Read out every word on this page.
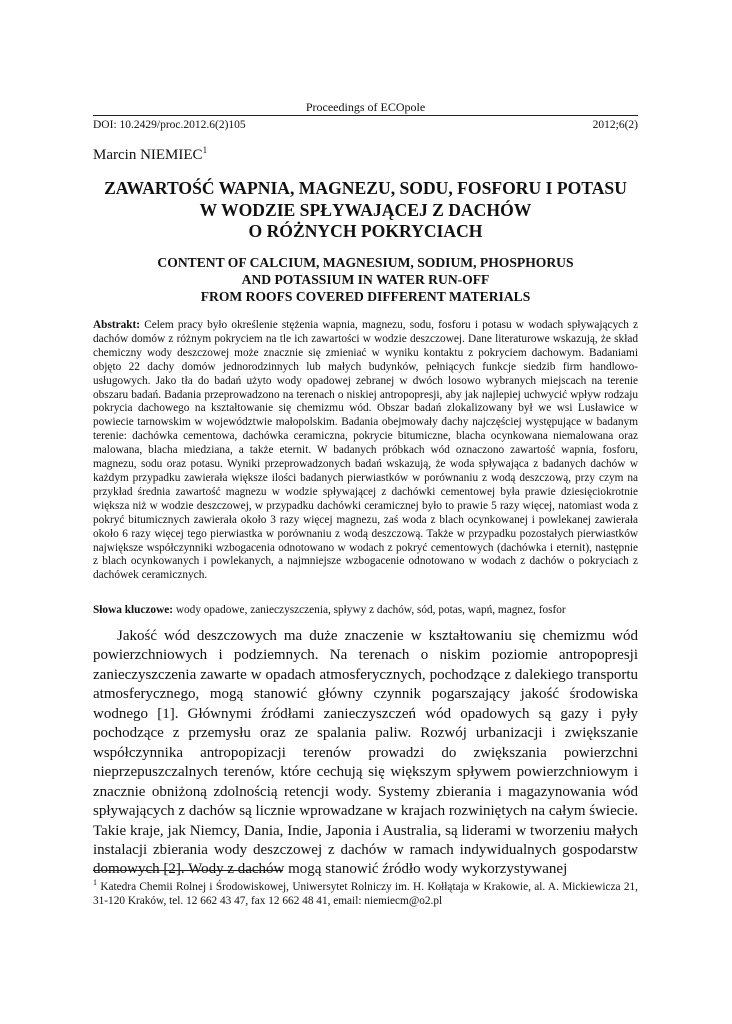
Proceedings of ECOpole
DOI: 10.2429/proc.2012.6(2)105	2012;6(2)
Marcin NIEMIEC$^1$
ZAWARTOŚĆ WAPNIA, MAGNEZU, SODU, FOSFORU I POTASU
W WODZIE SPŁYWAJĄCEJ Z DACHÓW
O RÓŻNYCH POKRYCIACH
CONTENT OF CALCIUM, MAGNESIUM, SODIUM, PHOSPHORUS
AND POTASSIUM IN WATER RUN-OFF
FROM ROOFS COVERED DIFFERENT MATERIALS
Abstrakt: Celem pracy było określenie stężenia wapnia, magnezu, sodu, fosforu i potasu w wodach spływających z dachów domów z różnym pokryciem na tle ich zawartości w wodzie deszczowej. Dane literaturowe wskazują, że skład chemiczny wody deszczowej może znacznie się zmieniać w wyniku kontaktu z pokryciem dachowym. Badaniami objęto 22 dachy domów jednorodzinnych lub małych budynków, pełniących funkcje siedzib firm handlowo-usługowych. Jako tła do badań użyto wody opadowej zebranej w dwóch losowo wybranych miejscach na terenie obszaru badań. Badania przeprowadzono na terenach o niskiej antropopresji, aby jak najlepiej uchwycić wpływ rodzaju pokrycia dachowego na kształtowanie się chemizmu wód. Obszar badań zlokalizowany był we wsi Lusławice w powiecie tarnowskim w województwie małopolskim. Badania obejmowały dachy najczęściej występujące w badanym terenie: dachówka cementowa, dachówka ceramiczna, pokrycie bitumiczne, blacha ocynkowana niemalowana oraz malowana, blacha miedziana, a także eternit. W badanych próbkach wód oznaczono zawartość wapnia, fosforu, magnezu, sodu oraz potasu. Wyniki przeprowadzonych badań wskazują, że woda spływająca z badanych dachów w każdym przypadku zawierała większe ilości badanych pierwiastków w porównaniu z wodą deszczową, przy czym na przykład średnia zawartość magnezu w wodzie spływającej z dachówki cementowej była prawie dziesięciokrotnie większa niż w wodzie deszczowej, w przypadku dachówki ceramicznej było to prawie 5 razy więcej, natomiast woda z pokryć bitumicznych zawierała około 3 razy więcej magnezu, zaś woda z blach ocynkowanej i powlekanej zawierała około 6 razy więcej tego pierwiastka w porównaniu z wodą deszczową. Także w przypadku pozostałych pierwiastków największe współczynniki wzbogacenia odnotowano w wodach z pokryć cementowych (dachówka i eternit), następnie z blach ocynkowanych i powlekanych, a najmniejsze wzbogacenie odnotowano w wodach z dachów o pokryciach z dachówek ceramicznych.
Słowa kluczowe: wody opadowe, zanieczyszczenia, spływy z dachów, sód, potas, wapń, magnez, fosfor
Jakość wód deszczowych ma duże znaczenie w kształtowaniu się chemizmu wód powierzchniowych i podziemnych. Na terenach o niskim poziomie antropopresji zanieczyszczenia zawarte w opadach atmosferycznych, pochodzące z dalekiego transportu atmosferycznego, mogą stanowić główny czynnik pogarszający jakość środowiska wodnego [1]. Głównymi źródłami zanieczyszczeń wód opadowych są gazy i pyły pochodzące z przemysłu oraz ze spalania paliw. Rozwój urbanizacji i zwiększanie współczynnika antropopizacji terenów prowadzi do zwiększania powierzchni nieprzepuszczalnych terenów, które cechują się większym spływem powierzchniowym i znacznie obniżoną zdolnością retencji wody. Systemy zbierania i magazynowania wód spływających z dachów są licznie wprowadzane w krajach rozwiniętych na całym świecie. Takie kraje, jak Niemcy, Dania, Indie, Japonia i Australia, są liderami w tworzeniu małych instalacji zbierania wody deszczowej z dachów w ramach indywidualnych gospodarstw domowych [2]. Wody z dachów mogą stanowić źródło wody wykorzystywanej
$^1$ Katedra Chemii Rolnej i Środowiskowej, Uniwersytet Rolniczy im. H. Kołłątaja w Krakowie, al. A. Mickiewicza 21, 31-120 Kraków, tel. 12 662 43 47, fax 12 662 48 41, email: niemiecm@o2.pl
